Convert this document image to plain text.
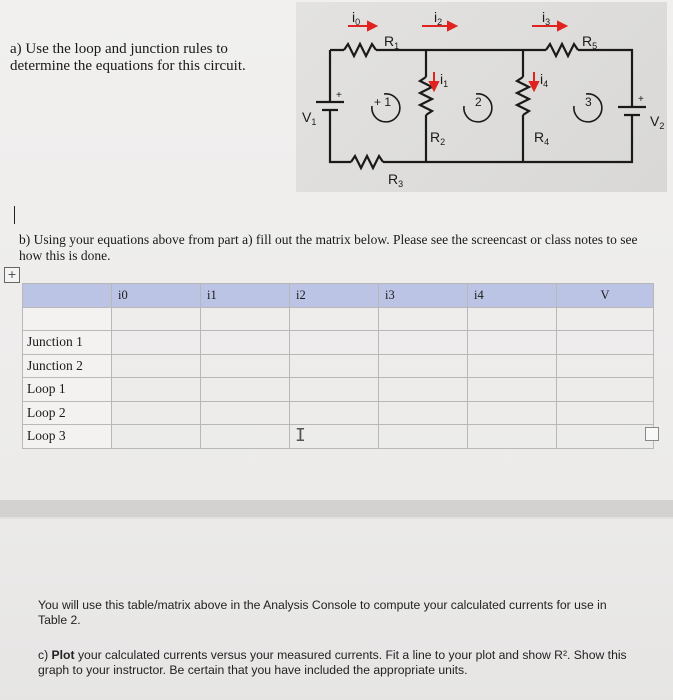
a) Use the loop and junction rules to
determine the equations for this circuit.
$i_0$	$i_2$	$i_3$
$i_1$	$i_4$
$R_1$	$R_5$
$R_2$	$R_4$
$R_3$
$V_1$	$V_2$
+ 1	2	3
+	+
b) Using your equations above from part a) fill out the matrix below. Please see the screencast or class notes to see how this is done.
+
	i0	i1	i2	i3	i4	V

Junction 1						
Junction 2						
Loop 1						
Loop 2						
Loop 3							I
You will use this table/matrix above in the Analysis Console to compute your calculated currents for use in Table 2.
c) Plot your calculated currents versus your measured currents. Fit a line to your plot and show R². Show this graph to your instructor. Be certain that you have included the appropriate units.
